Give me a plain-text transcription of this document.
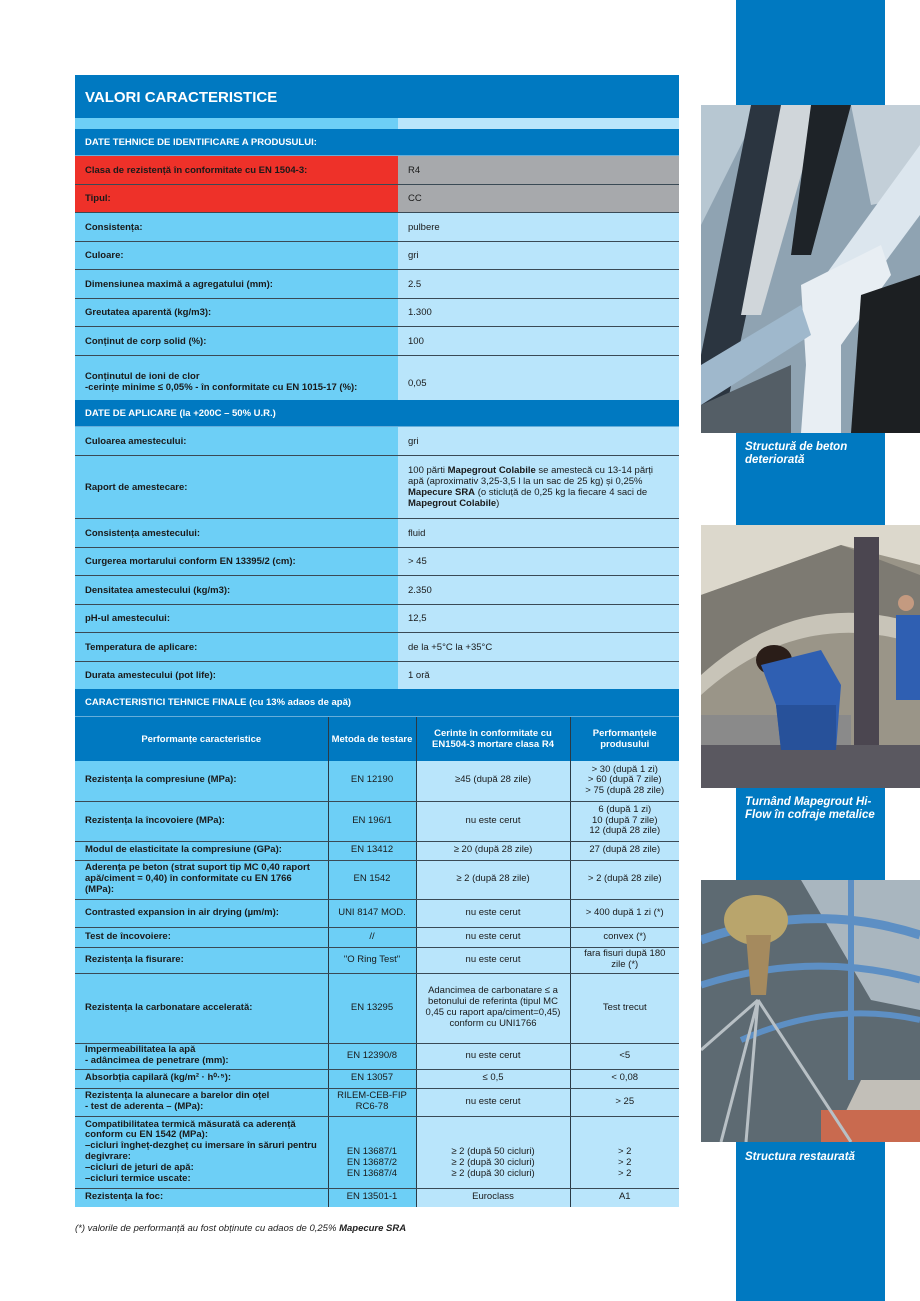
Structură de beton deteriorată
Turnând Mapegrout Hi-Flow în cofraje metalice
Structura restaurată
VALORI CARACTERISTICE
DATE TEHNICE DE IDENTIFICARE A PRODUSULUI:
Clasa de rezistență în conformitate cu EN 1504-3:	R4
Tipul:	CC
Consistența:	pulbere
Culoare:	gri
Dimensiunea maximă a agregatului (mm):	2.5
Greutatea aparentă (kg/m3):	1.300
Conținut de corp solid (%):	100
Conținutul de ioni de clor
-cerințe minime ≤ 0,05% - în conformitate cu EN 1015-17 (%):	0,05
DATE DE APLICARE (la +200C – 50% U.R.)
Culoarea amestecului:	gri
Raport de amestecare:
100 părti Mapegrout Colabile se amestecă cu 13-14 părți apă (aproximativ 3,25-3,5 l la un sac de 25 kg) și 0,25% Mapecure SRA (o sticluță de 0,25 kg la fiecare 4 saci de Mapegrout Colabile)
Consistența amestecului:	fluid
Curgerea mortarului conform EN 13395/2 (cm):	> 45
Densitatea amestecului (kg/m3):	2.350
pH-ul amestecului:	12,5
Temperatura de aplicare:	de la +5°C la +35°C
Durata amestecului (pot life):	1 oră
CARACTERISTICI TEHNICE FINALE (cu 13% adaos de apă)
Performanțe caracteristice	Metoda de testare	Cerinte în conformitate cu EN1504-3 mortare clasa R4	Performanțele produsului
Rezistența la compresiune (MPa):	EN 12190	≥45 (după 28 zile)	> 30 (după 1 zi)
> 60 (după 7 zile)
> 75 (după 28 zile)
Rezistența la încovoiere (MPa):	EN 196/1	nu este cerut	6 (după 1 zi)
10 (după 7 zile)
12 (după 28 zile)
Modul de elasticitate la compresiune (GPa):	EN 13412	≥ 20 (după 28 zile)	27 (după 28 zile)
Aderența pe beton (strat suport tip MC 0,40 raport apă/ciment = 0,40) în conformitate cu EN 1766 (MPa):	EN 1542	≥ 2 (după 28 zile)	> 2 (după 28 zile)
Contrasted expansion in air drying (µm/m):	UNI 8147 MOD.	nu este cerut	> 400 după 1 zi (*)
Test de încovoiere:	//	nu este cerut	convex (*)
Rezistența la fisurare:	"O Ring Test"	nu este cerut	fara fisuri după 180 zile (*)
Rezistența la carbonatare accelerată:	EN 13295	Adancimea de carbonatare ≤ a betonului de referinta (tipul MC 0,45 cu raport apa/ciment=0,45) conform cu UNI1766	Test trecut
Impermeabilitatea la apă
- adâncimea de penetrare (mm):	EN 12390/8	nu este cerut	<5
Absorbția capilară (kg/m² · h⁰·⁵):	EN 13057	≤ 0,5	< 0,08
Rezistența la alunecare a barelor din oțel
- test de aderenta – (MPa):	RILEM-CEB-FIP
RC6-78	nu este cerut	> 25
Compatibilitatea termică măsurată ca aderență conform cu EN 1542 (MPa):
–cicluri îngheț-dezgheț cu imersare în săruri pentru degivrare:
–cicluri de jeturi de apă:
–cicluri termice uscate:	EN 13687/1
EN 13687/2
EN 13687/4	≥ 2 (după 50 cicluri)
≥ 2 (după 30 cicluri)
≥ 2 (după 30 cicluri)	> 2
> 2
> 2
Rezistența la foc:	EN 13501-1	Euroclass	A1
(*) valorile de performanță au fost obținute cu adaos de 0,25% Mapecure SRA
